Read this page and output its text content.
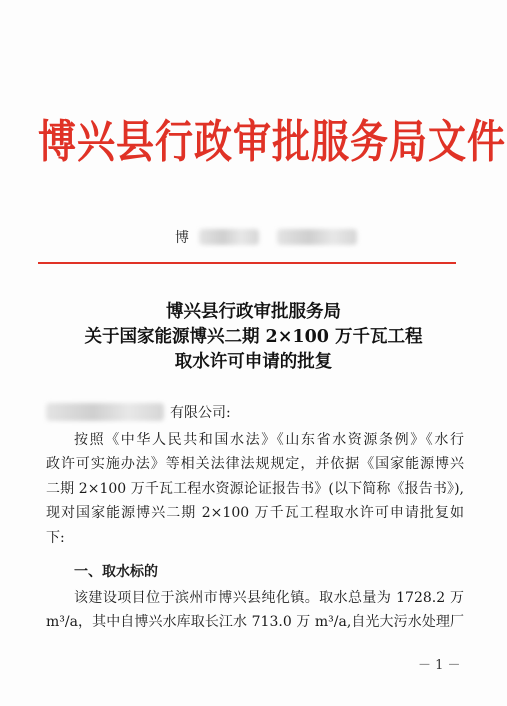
博兴县行政审批服务局文件
博
博兴县行政审批服务局
关于国家能源博兴二期 2×100 万千瓦工程
取水许可申请的批复
有限公司:

按照《中华人民共和国水法》《山东省水资源条例》《水行

政许可实施办法》等相关法律法规规定，并依据《国家能源博兴

二期 2×100 万千瓦工程水资源论证报告书》(以下简称《报告书》),

现对国家能源博兴二期 2×100 万千瓦工程取水许可申请批复如

下:

一、取水标的

该建设项目位于滨州市博兴县纯化镇。取水总量为 1728.2 万

m³/a，其中自博兴水库取长江水 713.0 万 m³/a,自光大污水处理厂

－ 1 －
